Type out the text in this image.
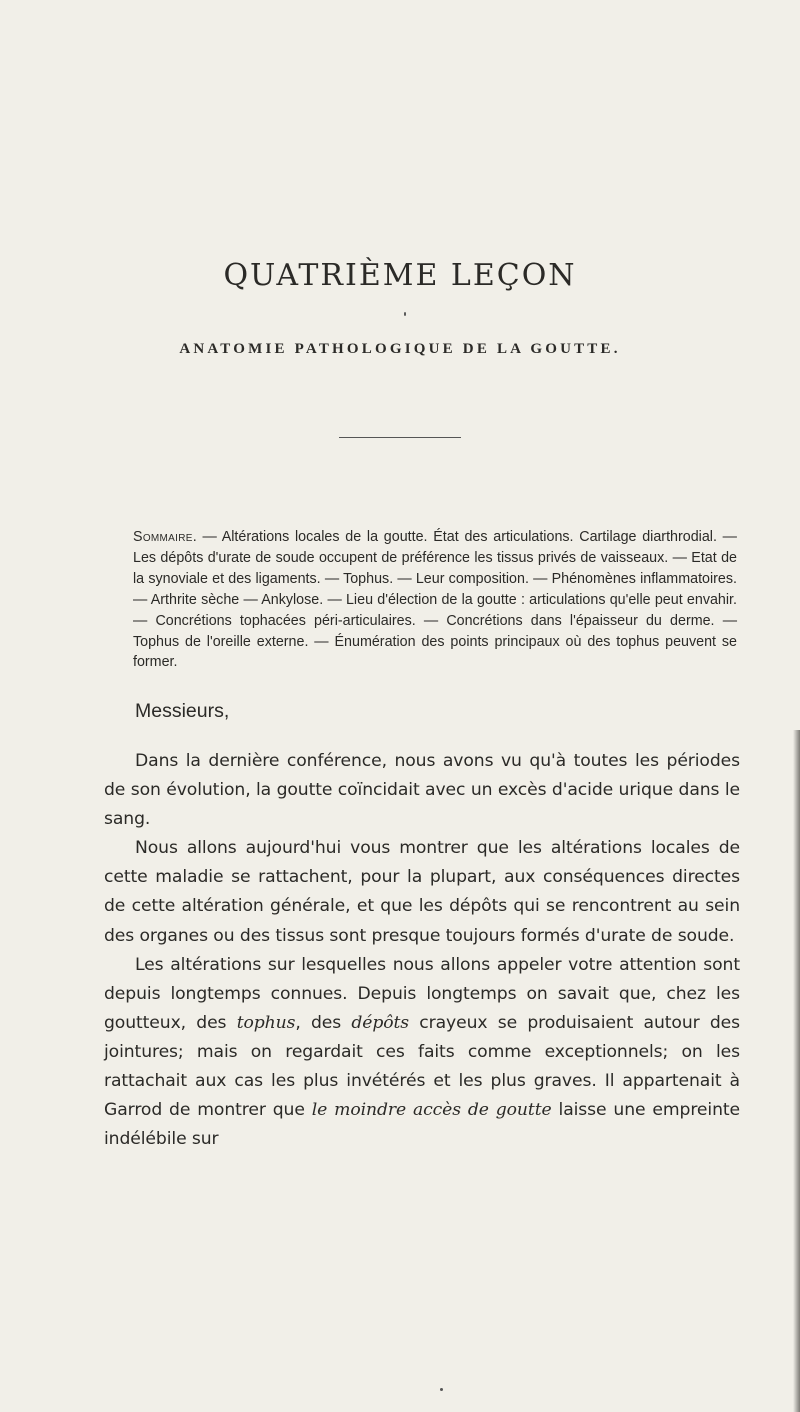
QUATRIÈME LEÇON
ANATOMIE PATHOLOGIQUE DE LA GOUTTE.

Sommaire. — Altérations locales de la goutte. État des articulations. Cartilage diarthrodial. — Les dépôts d'urate de soude occupent de préférence les tissus privés de vaisseaux. — Etat de la synoviale et des ligaments. — Tophus. — Leur composition. — Phénomènes inflammatoires. — Arthrite sèche — Ankylose. — Lieu d'élection de la goutte : articulations qu'elle peut envahir. — Concrétions tophacées péri-articulaires. — Concrétions dans l'épaisseur du derme. — Tophus de l'oreille externe. — Énumération des points principaux où des tophus peuvent se former.

Messieurs,

Dans la dernière conférence, nous avons vu qu'à toutes les périodes de son évolution, la goutte coïncidait avec un excès d'acide urique dans le sang.

Nous allons aujourd'hui vous montrer que les altérations locales de cette maladie se rattachent, pour la plupart, aux conséquences directes de cette altération générale, et que les dépôts qui se rencontrent au sein des organes ou des tissus sont presque toujours formés d'urate de soude.

Les altérations sur lesquelles nous allons appeler votre attention sont depuis longtemps connues. Depuis longtemps on savait que, chez les goutteux, des tophus, des dépôts crayeux se produisaient autour des jointures; mais on regardait ces faits comme exceptionnels; on les rattachait aux cas les plus invétérés et les plus graves. Il appartenait à Garrod de montrer que le moindre accès de goutte laisse une empreinte indélébile sur
